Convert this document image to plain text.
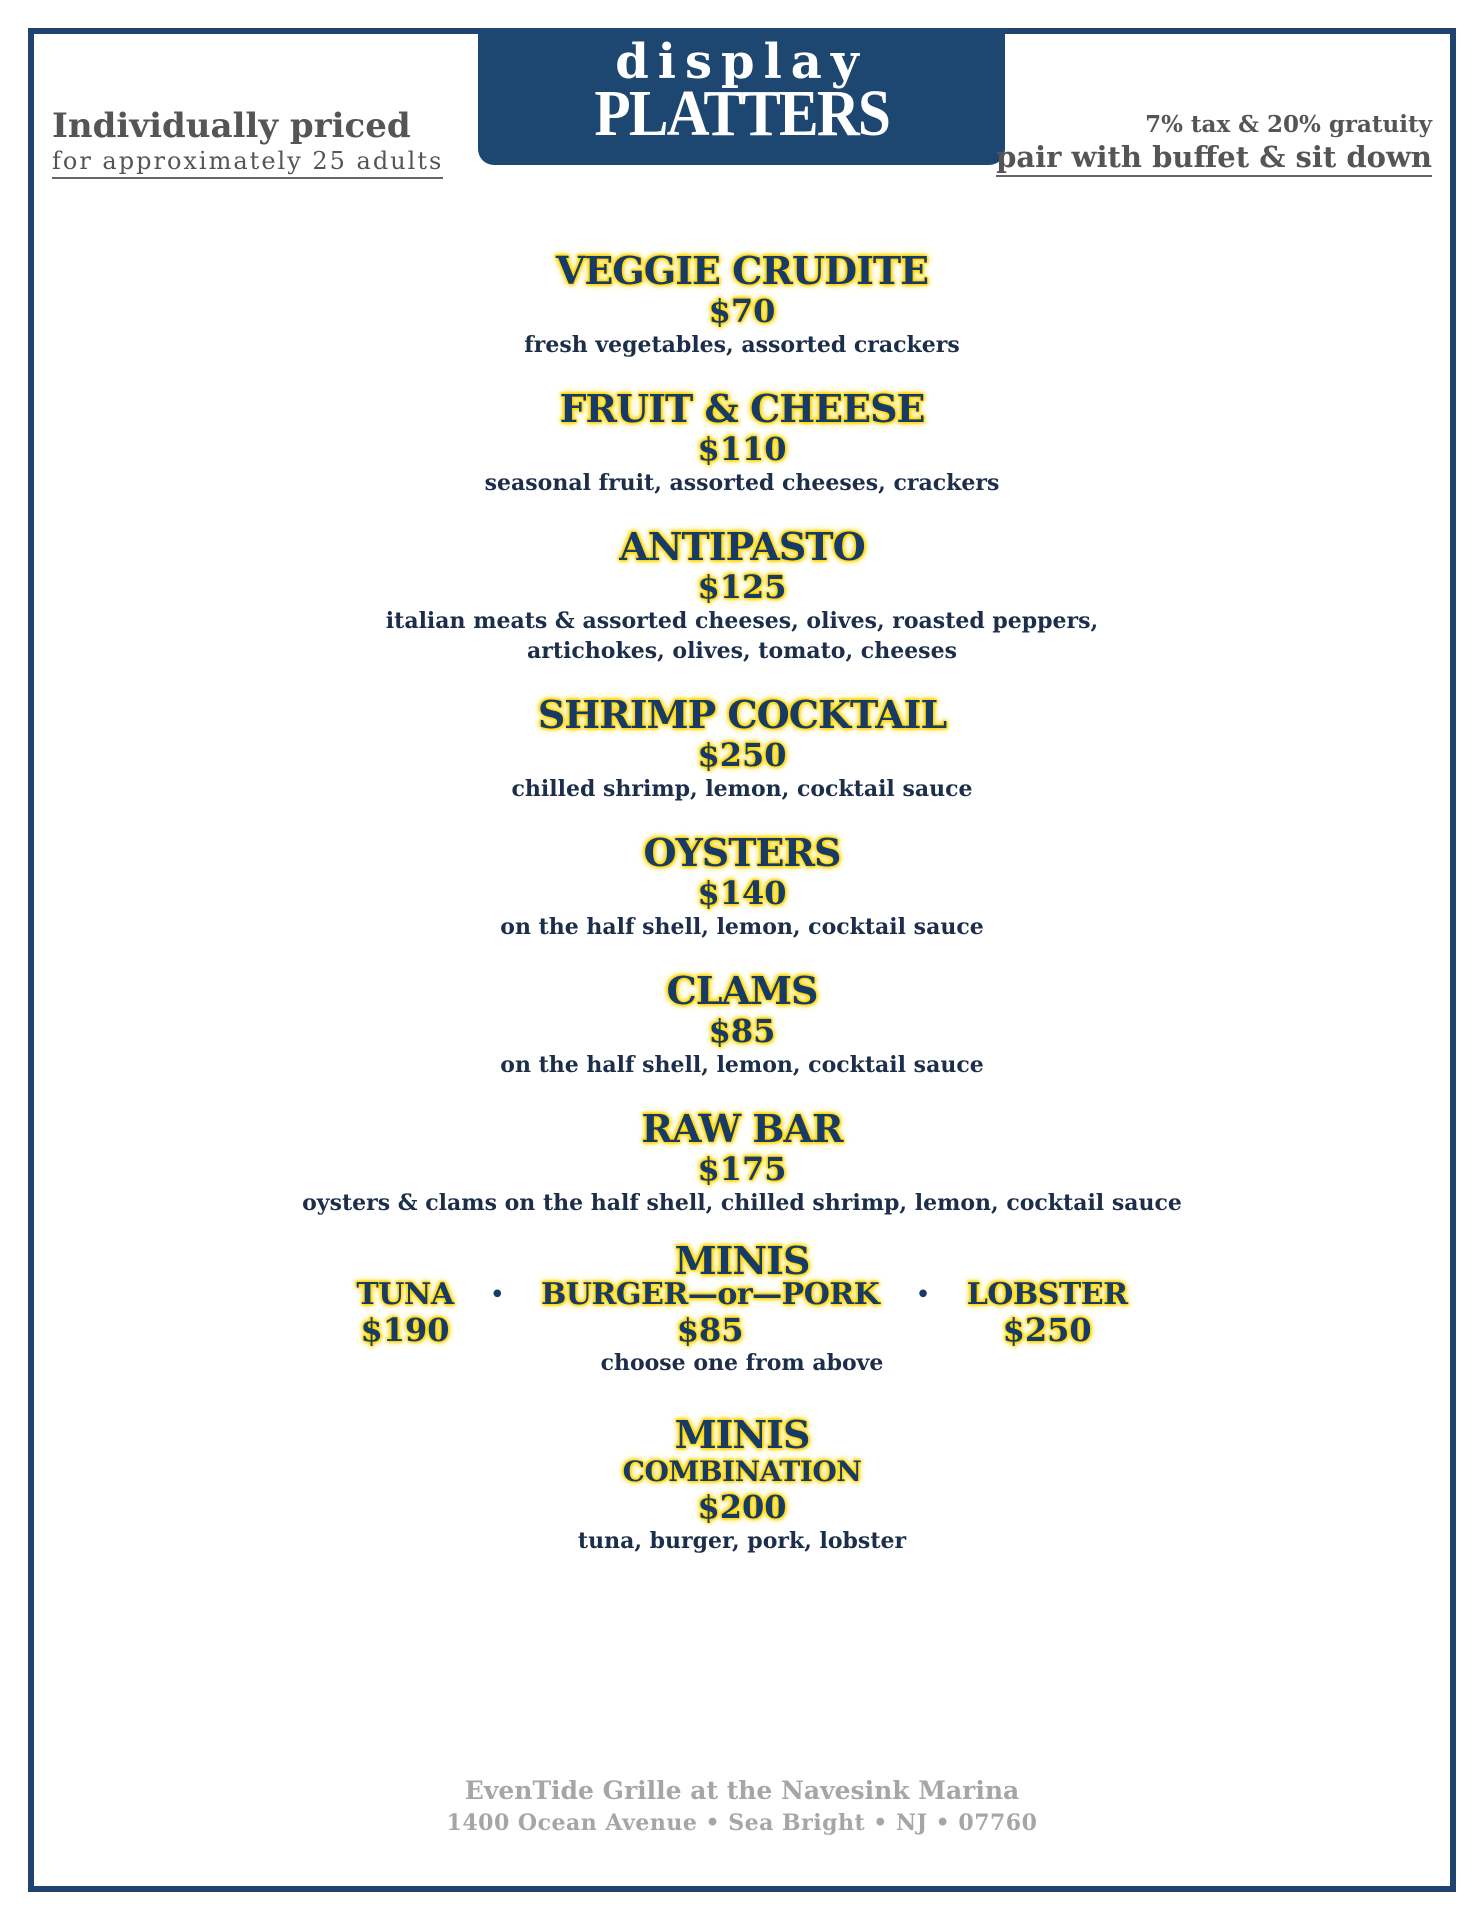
display
PLATTERS
Individually priced
for approximately 25 adults
7% tax & 20% gratuity
pair with buffet & sit down
VEGGIE CRUDITE
$70
fresh vegetables, assorted crackers
FRUIT & CHEESE
$110
seasonal fruit, assorted cheeses, crackers
ANTIPASTO
$125
italian meats & assorted cheeses, olives, roasted peppers,
artichokes, olives, tomato, cheeses
SHRIMP COCKTAIL
$250
chilled shrimp, lemon, cocktail sauce
OYSTERS
$140
on the half shell, lemon, cocktail sauce
CLAMS
$85
on the half shell, lemon, cocktail sauce
RAW BAR
$175
oysters & clams on the half shell, chilled shrimp, lemon, cocktail sauce
MINIS
TUNA
$190
•	BURGER—or—PORK
$85
•	LOBSTER
$250
choose one from above
MINIS
COMBINATION
$200
tuna, burger, pork, lobster
EvenTide Grille at the Navesink Marina
1400 Ocean Avenue • Sea Bright • NJ • 07760
